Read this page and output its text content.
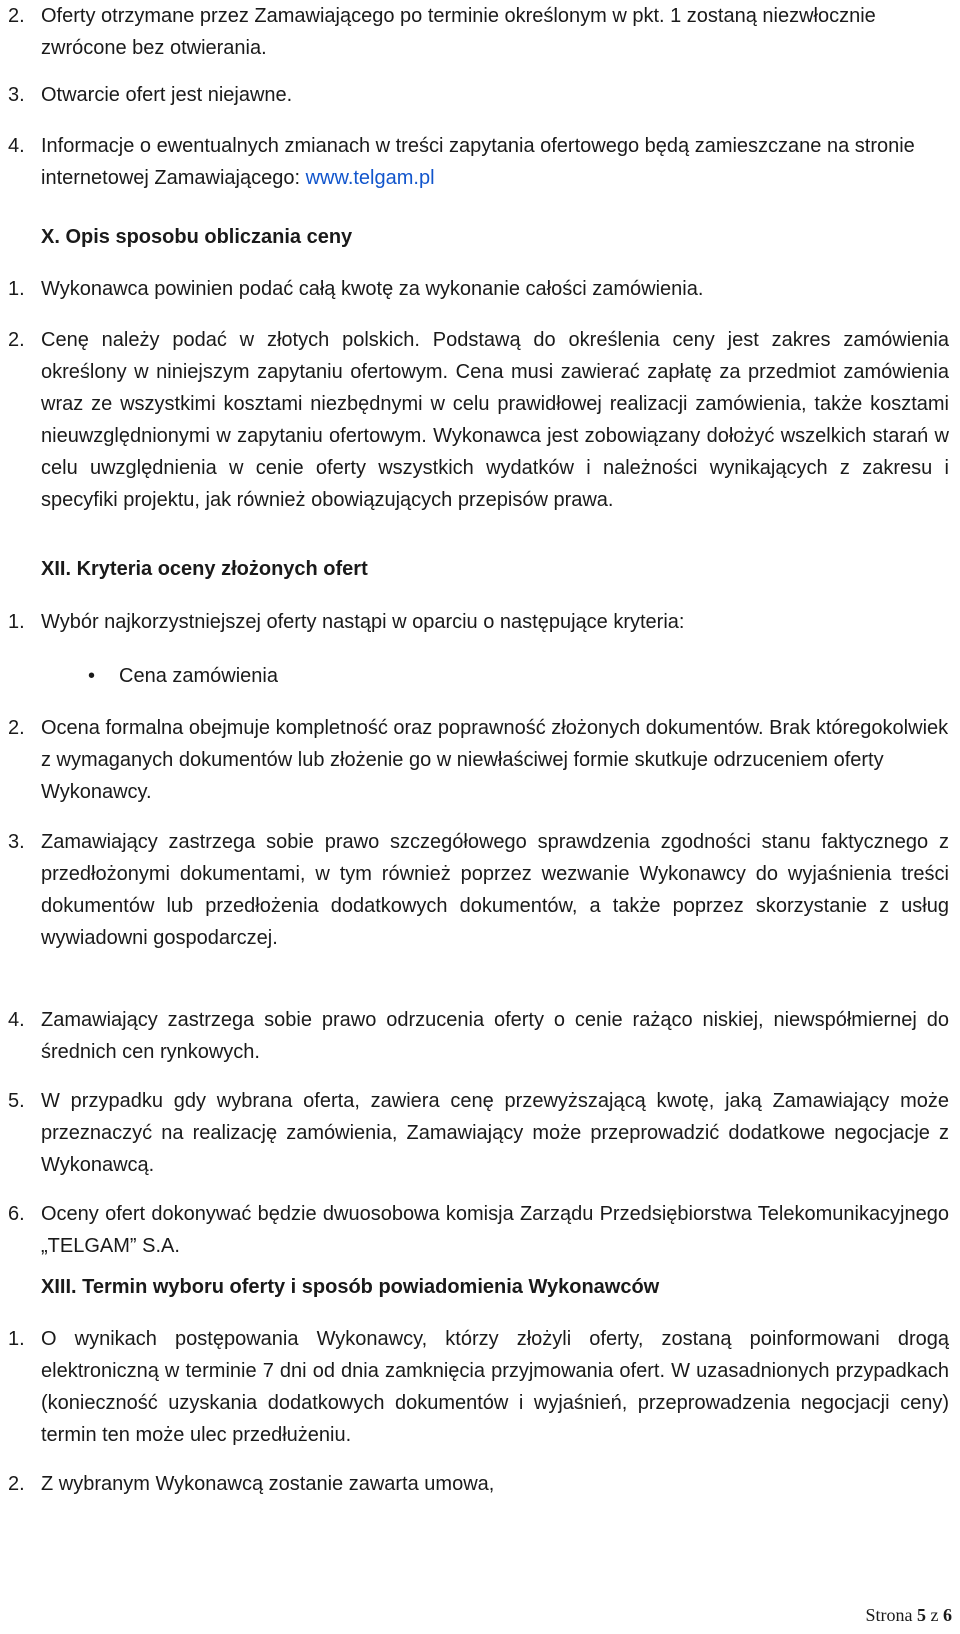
2. Oferty otrzymane przez Zamawiającego po terminie określonym w pkt. 1 zostaną niezwłocznie zwrócone bez otwierania.
3. Otwarcie ofert jest niejawne.
4. Informacje o ewentualnych zmianach w treści zapytania ofertowego będą zamieszczane na stronie internetowej Zamawiającego: www.telgam.pl
X. Opis sposobu obliczania ceny
1. Wykonawca powinien podać całą kwotę za wykonanie całości zamówienia.
2. Cenę należy podać w złotych polskich. Podstawą do określenia ceny jest zakres zamówienia określony w niniejszym zapytaniu ofertowym. Cena musi zawierać zapłatę za przedmiot zamówienia wraz ze wszystkimi kosztami niezbędnymi w celu prawidłowej realizacji zamówienia, także kosztami nieuwzględnionymi w zapytaniu ofertowym. Wykonawca jest zobowiązany dołożyć wszelkich starań w celu uwzględnienia w cenie oferty wszystkich wydatków i należności wynikających z zakresu i specyfiki projektu, jak również obowiązujących przepisów prawa.
XII. Kryteria oceny złożonych ofert
1. Wybór najkorzystniejszej oferty nastąpi w oparciu o następujące kryteria:
• Cena zamówienia
2. Ocena formalna obejmuje kompletność oraz poprawność złożonych dokumentów. Brak któregokolwiek z wymaganych dokumentów lub złożenie go w niewłaściwej formie skutkuje odrzuceniem oferty Wykonawcy.
3. Zamawiający zastrzega sobie prawo szczegółowego sprawdzenia zgodności stanu faktycznego z przedłożonymi dokumentami, w tym również poprzez wezwanie Wykonawcy do wyjaśnienia treści dokumentów lub przedłożenia dodatkowych dokumentów, a także poprzez skorzystanie z usług wywiadowni gospodarczej.
4. Zamawiający zastrzega sobie prawo odrzucenia oferty o cenie rażąco niskiej, niewspółmiernej do średnich cen rynkowych.
5. W przypadku gdy wybrana oferta, zawiera cenę przewyższającą kwotę, jaką Zamawiający może przeznaczyć na realizację zamówienia, Zamawiający może przeprowadzić dodatkowe negocjacje z Wykonawcą.
6. Oceny ofert dokonywać będzie dwuosobowa komisja Zarządu Przedsiębiorstwa Telekomunikacyjnego „TELGAM” S.A.
XIII. Termin wyboru oferty i sposób powiadomienia Wykonawców
1. O wynikach postępowania Wykonawcy, którzy złożyli oferty, zostaną poinformowani drogą elektroniczną w terminie 7 dni od dnia zamknięcia przyjmowania ofert. W uzasadnionych przypadkach (konieczność uzyskania dodatkowych dokumentów i wyjaśnień, przeprowadzenia negocjacji ceny) termin ten może ulec przedłużeniu.
2. Z wybranym Wykonawcą zostanie zawarta umowa,
Strona 5 z 6
